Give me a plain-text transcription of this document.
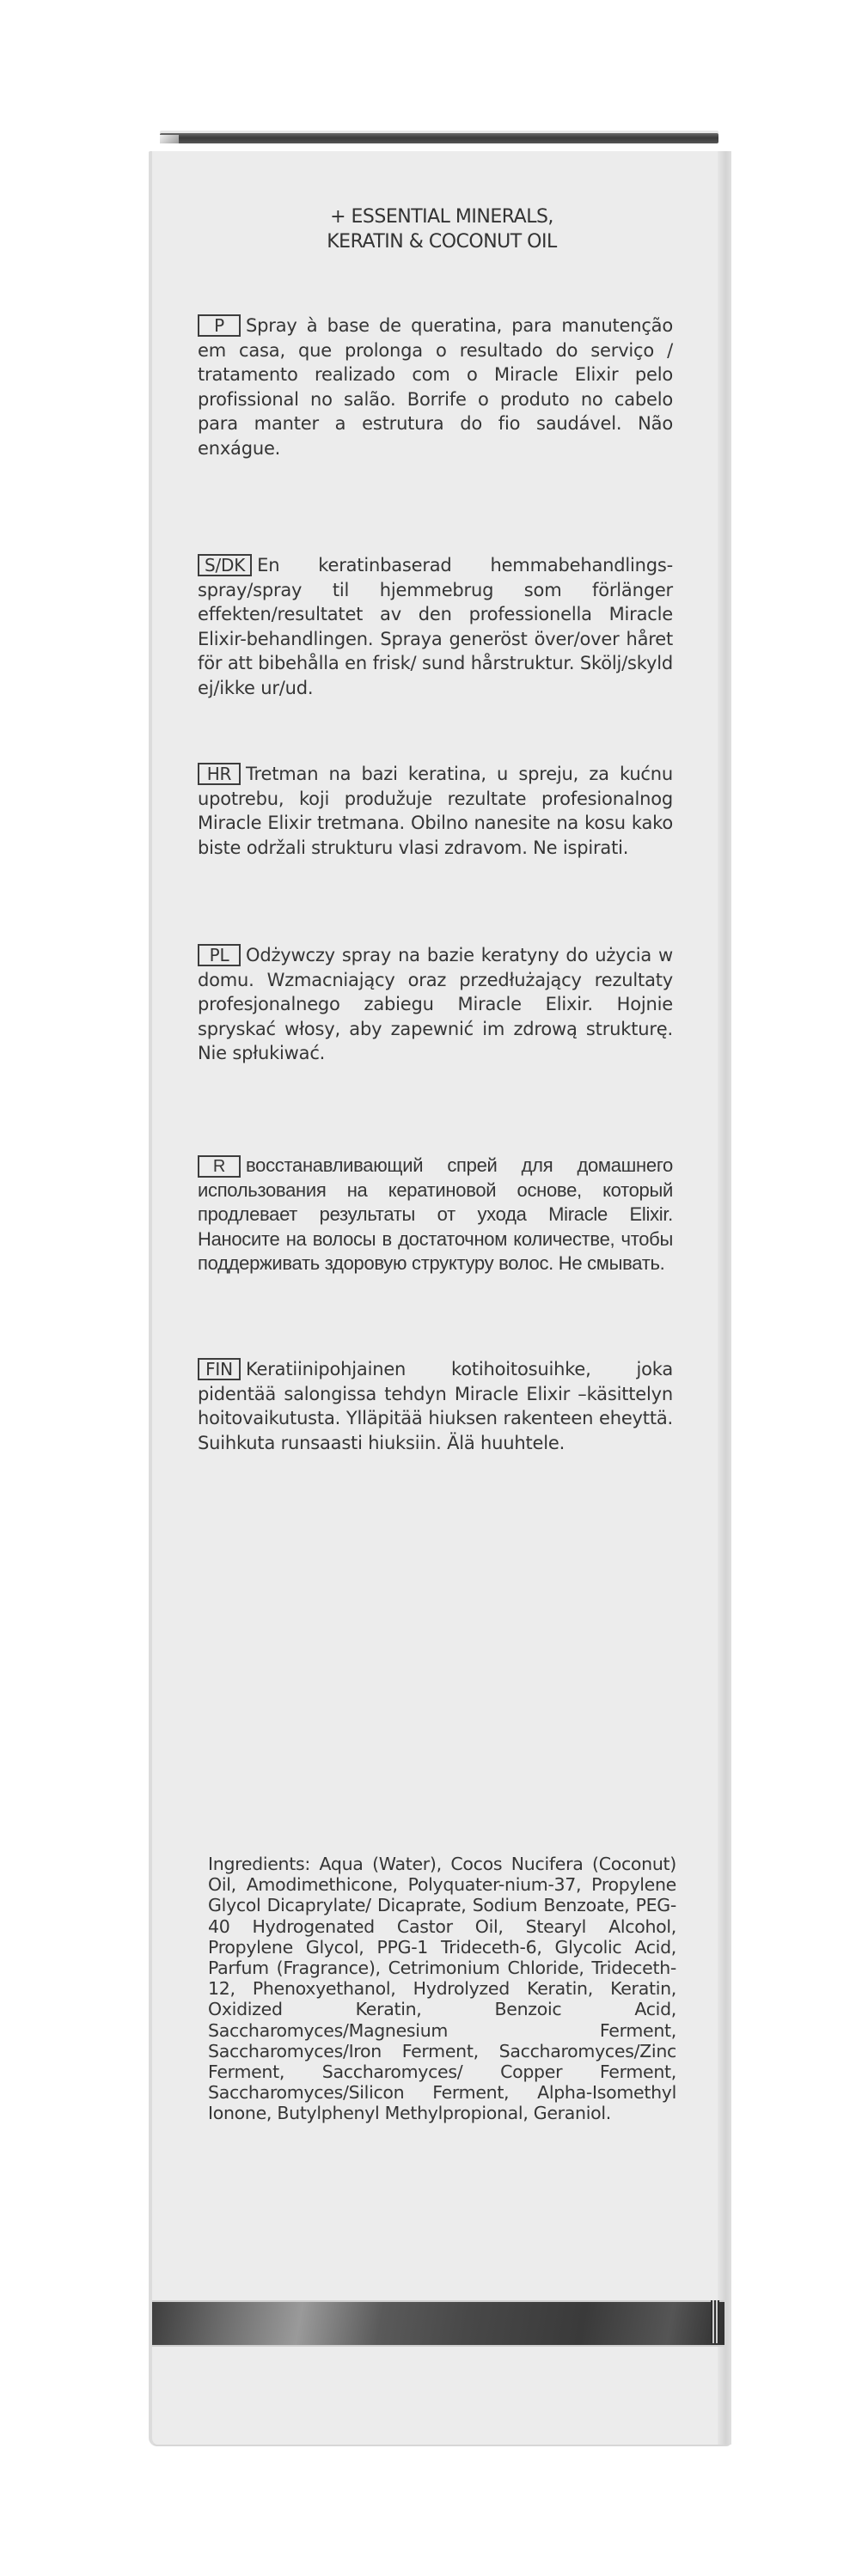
+ ESSENTIAL MINERALS,
KERATIN & COCONUT OIL
P Spray à base de queratina, para manutenção em casa, que prolonga o resultado do serviço / tratamento realizado com o Miracle Elixir pelo profissional no salão. Borrife o produto no cabelo para manter a estrutura do fio saudável. Não enxágue.
S/DK En keratinbaserad hemmabehandlings-spray/spray til hjemmebrug som förlänger effekten/resultatet av den professionella Miracle Elixir-behandlingen. Spraya generöst över/over håret för att bibehålla en frisk/ sund hårstruktur. Skölj/skyld ej/ikke ur/ud.
HR Tretman na bazi keratina, u spreju, za kućnu upotrebu, koji produžuje rezultate profesionalnog Miracle Elixir tretmana. Obilno nanesite na kosu kako biste održali strukturu vlasi zdravom. Ne ispirati.
PL Odżywczy spray na bazie keratyny do użycia w domu. Wzmacniający oraz przedłużający rezultaty profesjonalnego zabiegu Miracle Elixir. Hojnie spryskać włosy, aby zapewnić im zdrową strukturę. Nie spłukiwać.
R восстанавливающий спрей для домашнего использования на кератиновой основе, который продлевает результаты от ухода Miracle Elixir. Наносите на волосы в достаточном количестве, чтобы поддерживать здоровую структуру волос. Не смывать.
FIN Keratiinipohjainen kotihoitosuihke, joka pidentää salongissa tehdyn Miracle Elixir –käsittelyn hoitovaikutusta. Ylläpitää hiuksen rakenteen eheyttä. Suihkuta runsaasti hiuksiin. Älä huuhtele.
Ingredients: Aqua (Water), Cocos Nucifera (Coconut) Oil, Amodimethicone, Polyquater-nium-37, Propylene Glycol Dicaprylate/ Dicaprate, Sodium Benzoate, PEG-40 Hydrogenated Castor Oil, Stearyl Alcohol, Propylene Glycol, PPG-1 Trideceth-6, Glycolic Acid, Parfum (Fragrance), Cetrimonium Chloride, Trideceth-12, Phenoxyethanol, Hydrolyzed Keratin, Keratin, Oxidized Keratin, Benzoic Acid, Saccharomyces/Magnesium Ferment, Saccharomyces/Iron Ferment, Saccharomyces/Zinc Ferment, Saccharomyces/ Copper Ferment, Saccharomyces/Silicon Ferment, Alpha-Isomethyl Ionone, Butylphenyl Methylpropional, Geraniol.
